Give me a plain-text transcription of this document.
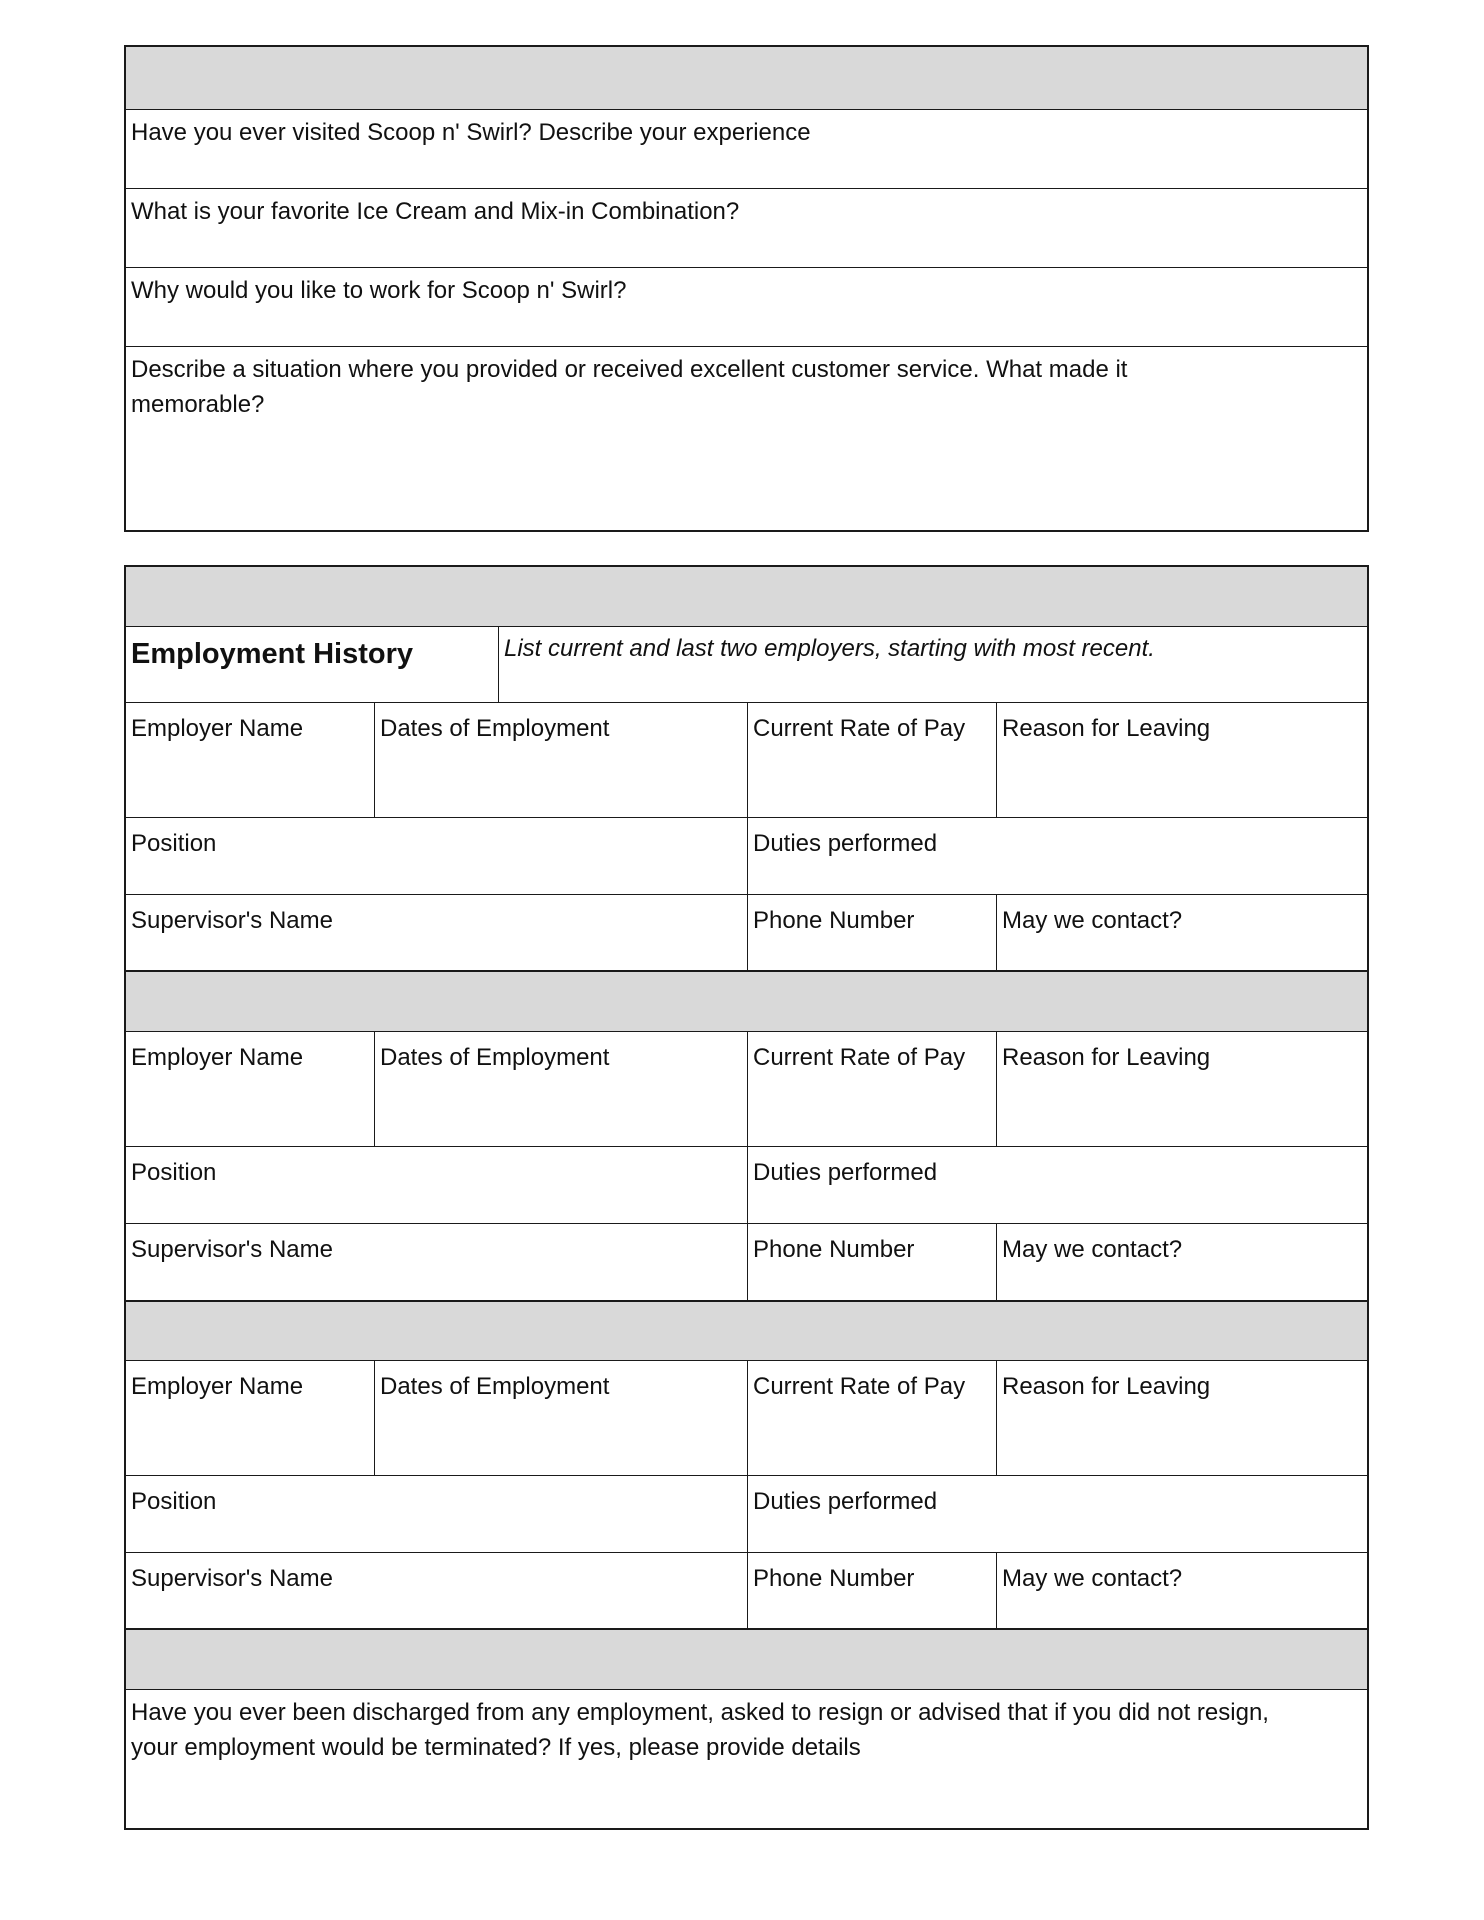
Have you ever visited Scoop n' Swirl? Describe your experience
What is your favorite Ice Cream and Mix-in Combination?
Why would you like to work for Scoop n' Swirl?
Describe a situation where you provided or received excellent customer service. What made it memorable?
Employment History	List current and last two employers, starting with most recent.
Employer Name	Dates of Employment	Current Rate of Pay	Reason for Leaving
Position	Duties performed
Supervisor's Name	Phone Number	May we contact?
Employer Name	Dates of Employment	Current Rate of Pay	Reason for Leaving
Position	Duties performed
Supervisor's Name	Phone Number	May we contact?
Employer Name	Dates of Employment	Current Rate of Pay	Reason for Leaving
Position	Duties performed
Supervisor's Name	Phone Number	May we contact?
Have you ever been discharged from any employment, asked to resign or advised that if you did not resign, your employment would be terminated? If yes, please provide details
